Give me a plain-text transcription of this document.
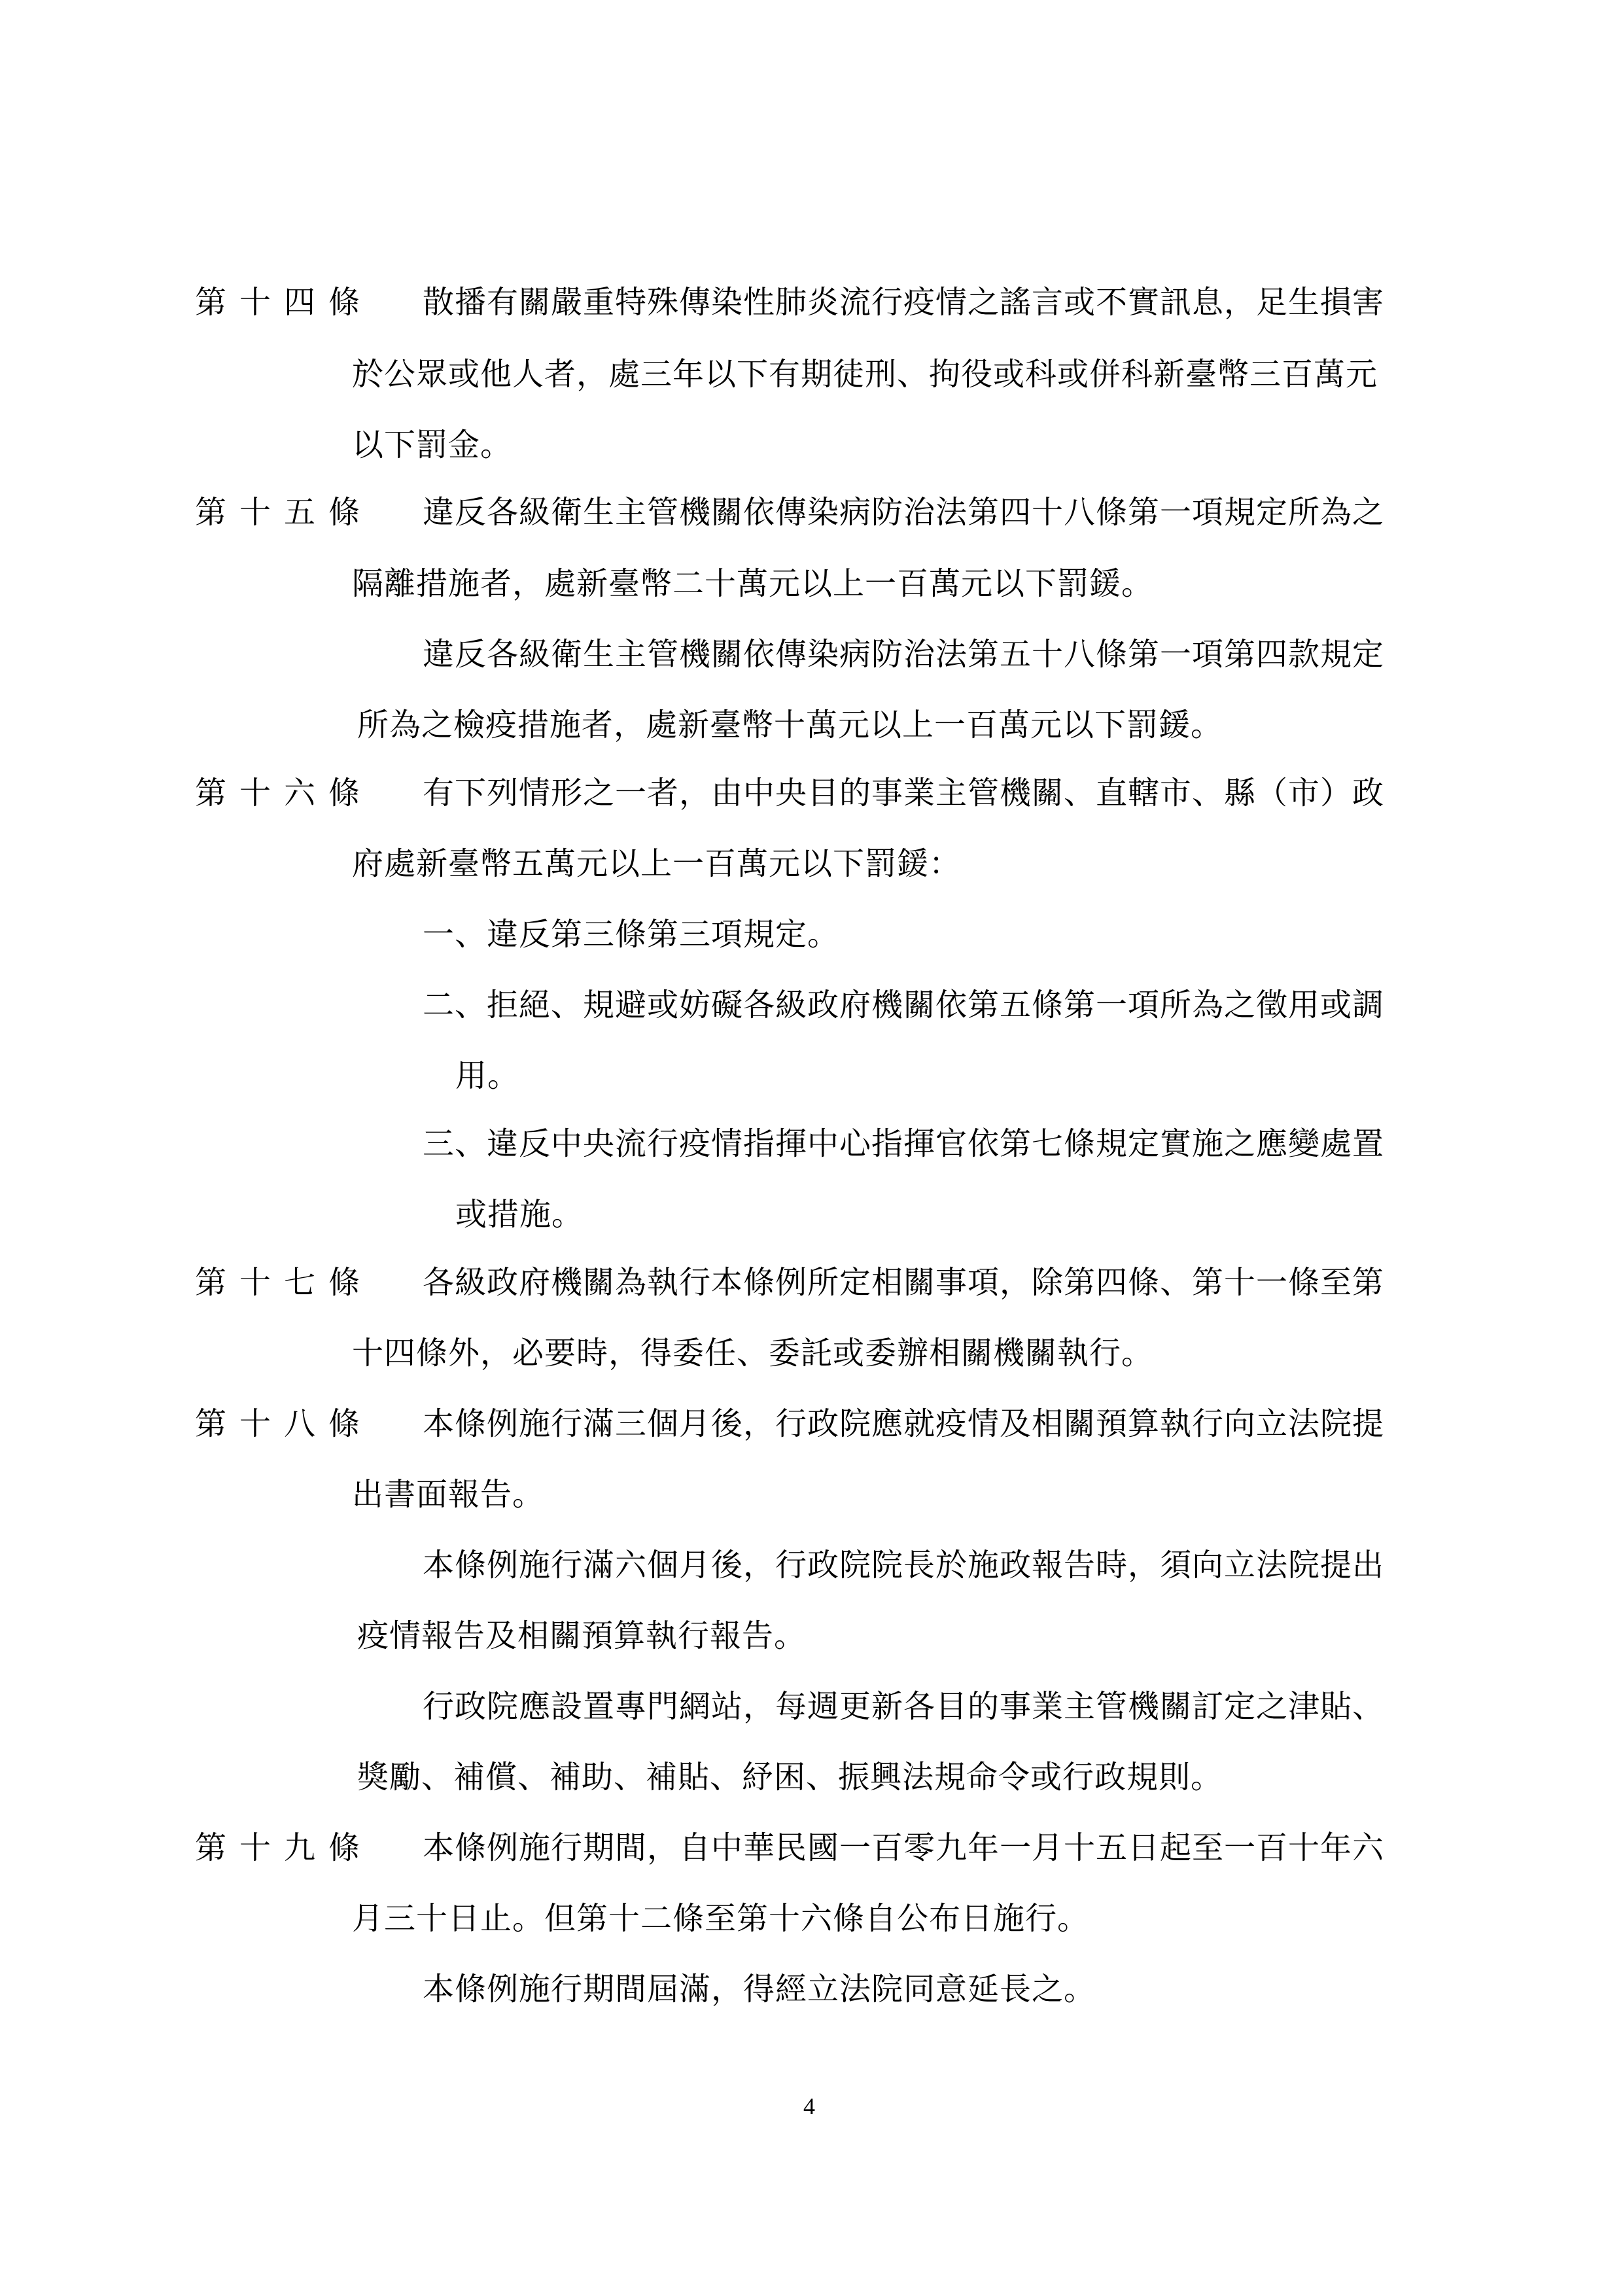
第十四條 散播有關嚴重特殊傳染性肺炎流行疫情之謠言或不實訊息，足生損害
於公眾或他人者，處三年以下有期徒刑、拘役或科或併科新臺幣三百萬元
以下罰金。
第十五條 違反各級衛生主管機關依傳染病防治法第四十八條第一項規定所為之
隔離措施者，處新臺幣二十萬元以上一百萬元以下罰鍰。
違反各級衛生主管機關依傳染病防治法第五十八條第一項第四款規定
所為之檢疫措施者，處新臺幣十萬元以上一百萬元以下罰鍰。
第十六條 有下列情形之一者，由中央目的事業主管機關、直轄市、縣（市）政
府處新臺幣五萬元以上一百萬元以下罰鍰：
一、違反第三條第三項規定。
二、拒絕、規避或妨礙各級政府機關依第五條第一項所為之徵用或調
用。
三、違反中央流行疫情指揮中心指揮官依第七條規定實施之應變處置
或措施。
第十七條 各級政府機關為執行本條例所定相關事項，除第四條、第十一條至第
十四條外，必要時，得委任、委託或委辦相關機關執行。
第十八條 本條例施行滿三個月後，行政院應就疫情及相關預算執行向立法院提
出書面報告。
本條例施行滿六個月後，行政院院長於施政報告時，須向立法院提出
疫情報告及相關預算執行報告。
行政院應設置專門網站，每週更新各目的事業主管機關訂定之津貼、
獎勵、補償、補助、補貼、紓困、振興法規命令或行政規則。
第十九條 本條例施行期間，自中華民國一百零九年一月十五日起至一百十年六
月三十日止。但第十二條至第十六條自公布日施行。
本條例施行期間屆滿，得經立法院同意延長之。
4
